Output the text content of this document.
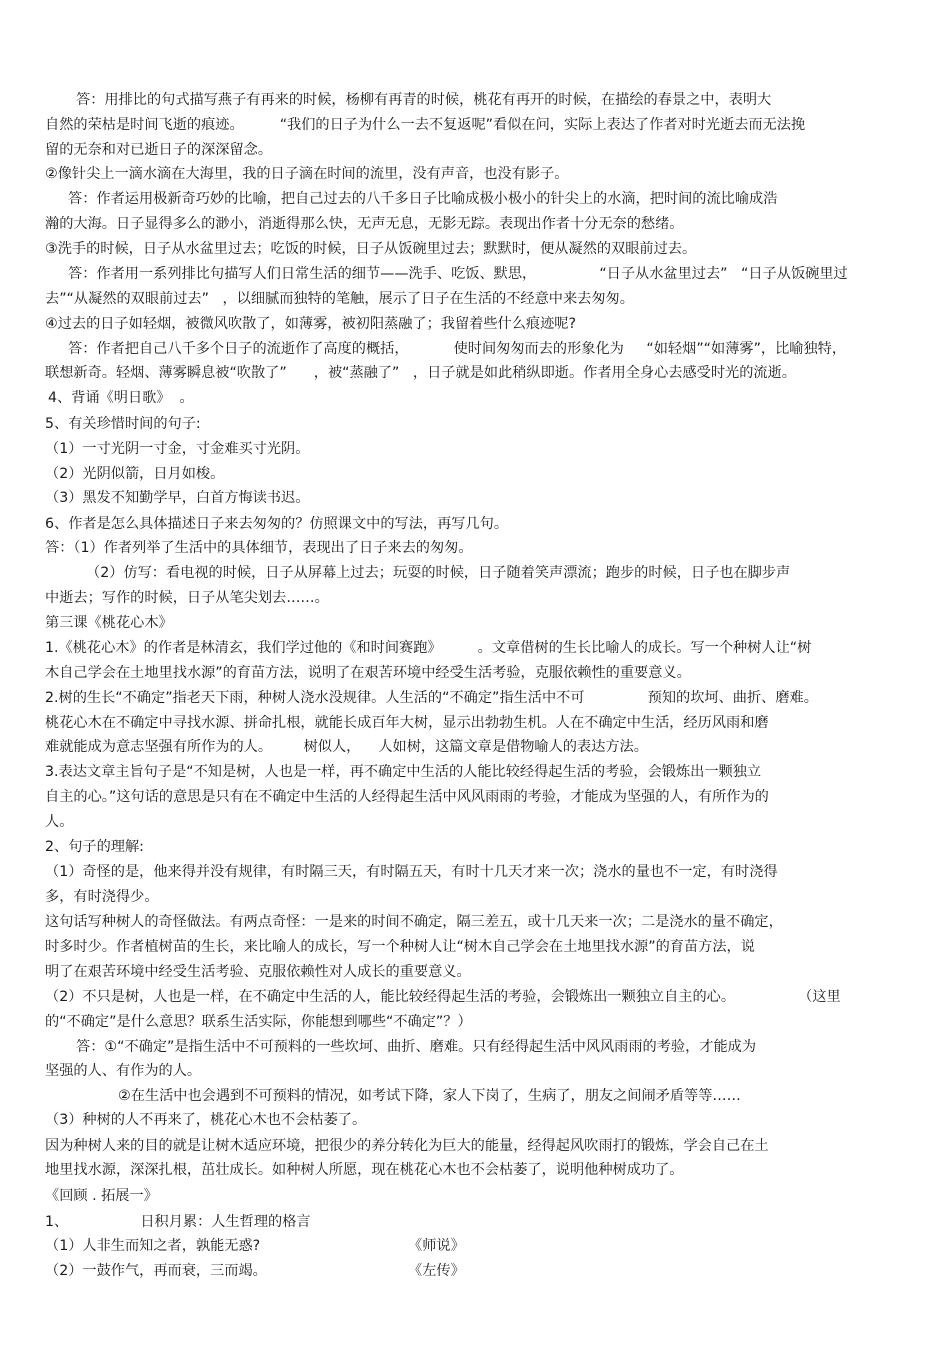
答：用排比的句式描写燕子有再来的时候，杨柳有再青的时候，桃花有再开的时候，在描绘的春景之中，表明大
自然的荣枯是时间飞逝的痕迹。        “我们的日子为什么一去不复返呢”看似在问，实际上表达了作者对时光逝去而无法挽
留的无奈和对已逝日子的深深留念。
②像针尖上一滴水滴在大海里，我的日子滴在时间的流里，没有声音，也没有影子。
答：作者运用极新奇巧妙的比喻，把自己过去的八千多日子比喻成极小极小的针尖上的水滴，把时间的流比喻成浩
瀚的大海。日子显得多么的渺小，消逝得那么快，无声无息，无影无踪。表现出作者十分无奈的愁绪。
③洗手的时候，日子从水盆里过去；吃饭的时候，日子从饭碗里过去；默默时，便从凝然的双眼前过去。
答：作者用一系列排比句描写人们日常生活的细节——洗手、吃饭、默思，              “日子从水盆里过去”   “日子从饭碗里过
去”“从凝然的双眼前过去”   ，以细腻而独特的笔触，展示了日子在生活的不经意中来去匆匆。
④过去的日子如轻烟，被微风吹散了，如薄雾，被初阳蒸融了；我留着些什么痕迹呢?
答：作者把自己八千多个日子的流逝作了高度的概括，          使时间匆匆而去的形象化为     “如轻烟”“如薄雾”，比喻独特，
联想新奇。轻烟、薄雾瞬息被“吹散了”      ，被“蒸融了”   ，日子就是如此稍纵即逝。作者用全身心去感受时光的流逝。
4、背诵《明日歌》  。
5、有关珍惜时间的句子:
（1）一寸光阴一寸金，寸金难买寸光阴。
（2）光阴似箭，日月如梭。
（3）黑发不知勤学早，白首方悔读书迟。
6、作者是怎么具体描述日子来去匆匆的？仿照课文中的写法，再写几句。
答：（1）作者列举了生活中的具体细节，表现出了日子来去的匆匆。
（2）仿写：看电视的时候，日子从屏幕上过去；玩耍的时候，日子随着笑声漂流；跑步的时候，日子也在脚步声
中逝去；写作的时候，日子从笔尖划去……。
第三课《桃花心木》
1.《桃花心木》的作者是林清玄，我们学过他的《和时间赛跑》        。文章借树的生长比喻人的成长。写一个种树人让“树
木自己学会在土地里找水源”的育苗方法，说明了在艰苦环境中经受生活考验，克服依赖性的重要意义。
2.树的生长“不确定”指老天下雨，种树人浇水没规律。人生活的“不确定”指生活中不可              预知的坎坷、曲折、磨难。
桃花心木在不确定中寻找水源、拼命扎根，就能长成百年大树，显示出勃勃生机。人在不确定中生活，经历风雨和磨
难就能成为意志坚强有所作为的人。       树似人，    人如树，这篇文章是借物喻人的表达方法。
3.表达文章主旨句子是“不知是树，人也是一样，再不确定中生活的人能比较经得起生活的考验，会锻炼出一颗独立
自主的心。”这句话的意思是只有在不确定中生活的人经得起生活中风风雨雨的考验，才能成为坚强的人，有所作为的
人。
2、句子的理解:
（1）奇怪的是，他来得并没有规律，有时隔三天，有时隔五天，有时十几天才来一次；浇水的量也不一定，有时浇得
多，有时浇得少。
这句话写种树人的奇怪做法。有两点奇怪：一是来的时间不确定，隔三差五，或十几天来一次；二是浇水的量不确定，
时多时少。作者植树苗的生长，来比喻人的成长，写一个种树人让“树木自己学会在土地里找水源”的育苗方法，说
明了在艰苦环境中经受生活考验、克服依赖性对人成长的重要意义。
（2）不只是树，人也是一样，在不确定中生活的人，能比较经得起生活的考验，会锻炼出一颗独立自主的心。              （这里
的“不确定”是什么意思？联系生活实际，你能想到哪些“不确定”？）
答：①“不确定”是指生活中不可预料的一些坎坷、曲折、磨难。只有经得起生活中风风雨雨的考验，才能成为
坚强的人、有作为的人。
②在生活中也会遇到不可预料的情况，如考试下降，家人下岗了，生病了，朋友之间闹矛盾等等……
（3）种树的人不再来了，桃花心木也不会枯萎了。
因为种树人来的目的就是让树木适应环境，把很少的养分转化为巨大的能量，经得起风吹雨打的锻炼，学会自己在土
地里找水源，深深扎根，茁壮成长。如种树人所愿，现在桃花心木也不会枯萎了，说明他种树成功了。
《回顾 . 拓展一》
1、                日积月累：人生哲理的格言
（1）人非生而知之者，孰能无惑?	《师说》
（2）一鼓作气，再而衰，三而竭。	《左传》
